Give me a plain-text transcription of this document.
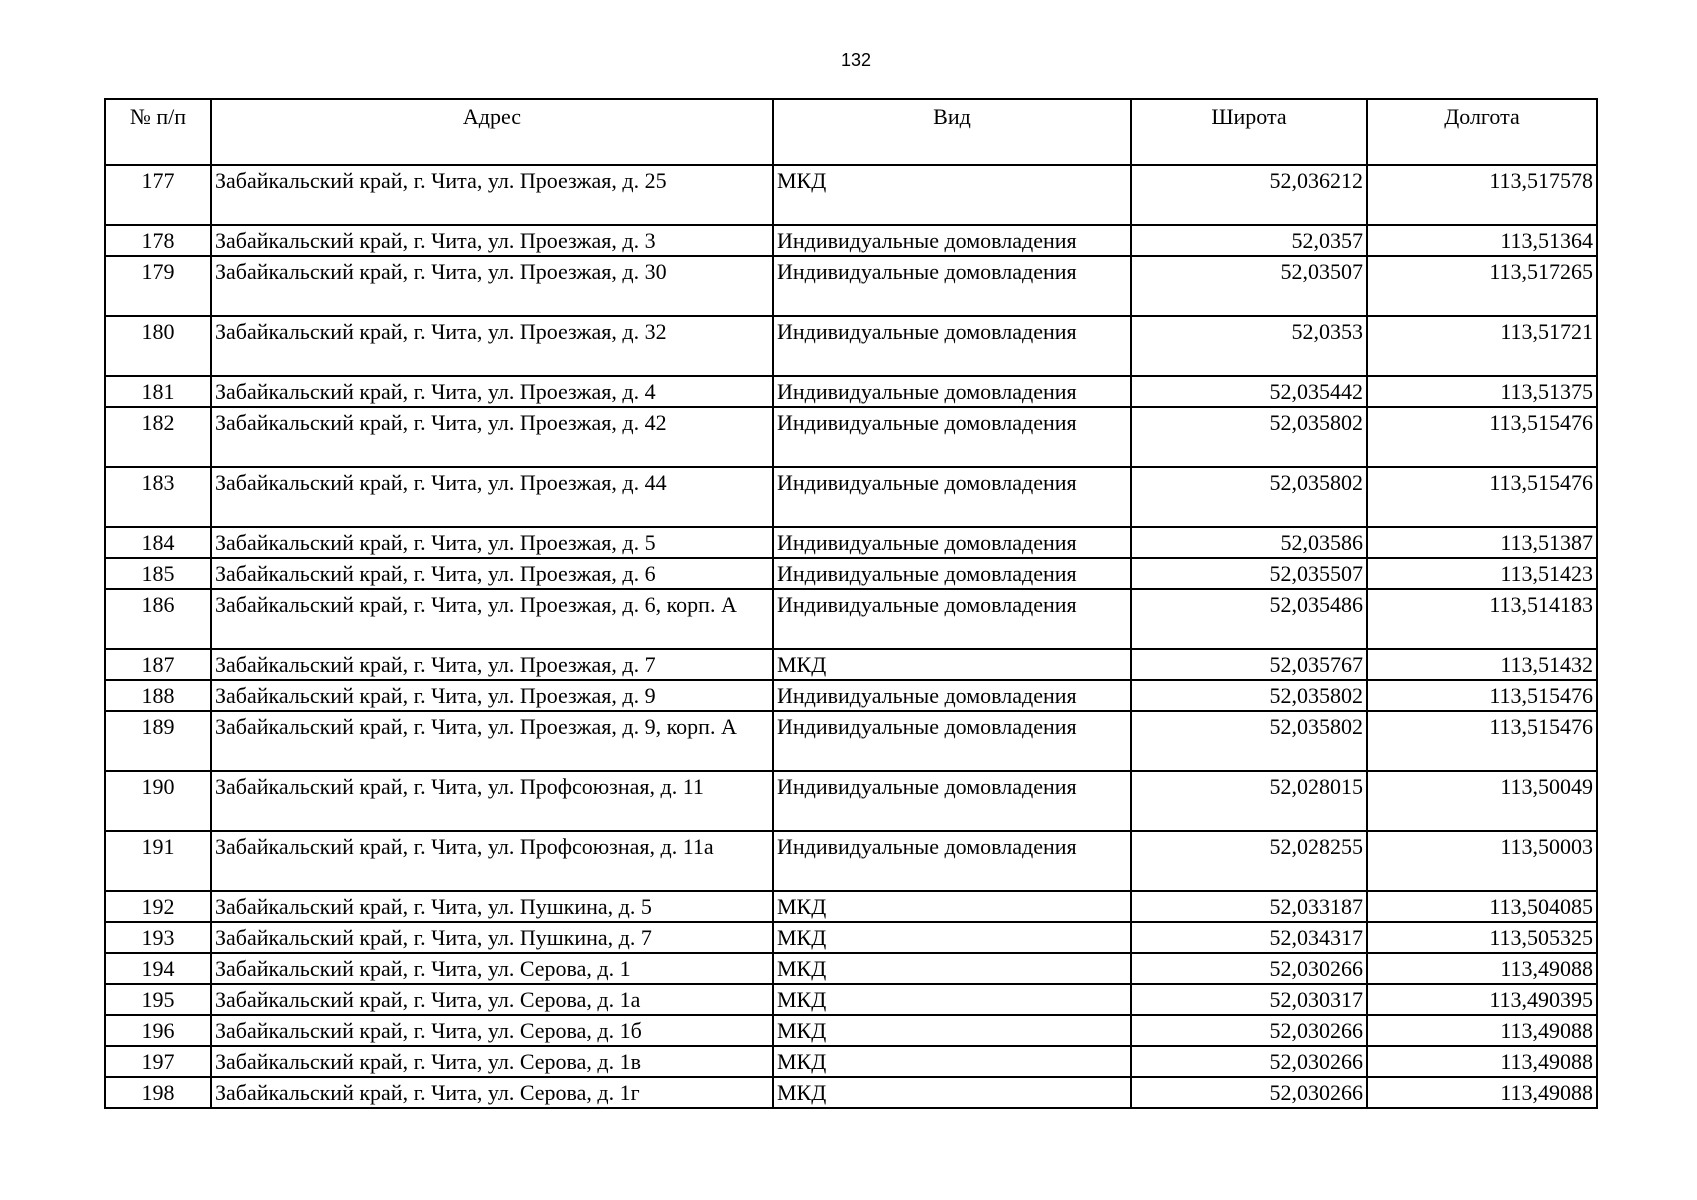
132
№ п/п	Адрес	Вид	Широта	Долгота
177	Забайкальский край, г. Чита, ул. Проезжая, д. 25	МКД	52,036212	113,517578
178	Забайкальский край, г. Чита, ул. Проезжая, д. 3	Индивидуальные домовладения	52,0357	113,51364
179	Забайкальский край, г. Чита, ул. Проезжая, д. 30	Индивидуальные домовладения	52,03507	113,517265
180	Забайкальский край, г. Чита, ул. Проезжая, д. 32	Индивидуальные домовладения	52,0353	113,51721
181	Забайкальский край, г. Чита, ул. Проезжая, д. 4	Индивидуальные домовладения	52,035442	113,51375
182	Забайкальский край, г. Чита, ул. Проезжая, д. 42	Индивидуальные домовладения	52,035802	113,515476
183	Забайкальский край, г. Чита, ул. Проезжая, д. 44	Индивидуальные домовладения	52,035802	113,515476
184	Забайкальский край, г. Чита, ул. Проезжая, д. 5	Индивидуальные домовладения	52,03586	113,51387
185	Забайкальский край, г. Чита, ул. Проезжая, д. 6	Индивидуальные домовладения	52,035507	113,51423
186	Забайкальский край, г. Чита, ул. Проезжая, д. 6, корп. А	Индивидуальные домовладения	52,035486	113,514183
187	Забайкальский край, г. Чита, ул. Проезжая, д. 7	МКД	52,035767	113,51432
188	Забайкальский край, г. Чита, ул. Проезжая, д. 9	Индивидуальные домовладения	52,035802	113,515476
189	Забайкальский край, г. Чита, ул. Проезжая, д. 9, корп. А	Индивидуальные домовладения	52,035802	113,515476
190	Забайкальский край, г. Чита, ул. Профсоюзная, д. 11	Индивидуальные домовладения	52,028015	113,50049
191	Забайкальский край, г. Чита, ул. Профсоюзная, д. 11а	Индивидуальные домовладения	52,028255	113,50003
192	Забайкальский край, г. Чита, ул. Пушкина, д. 5	МКД	52,033187	113,504085
193	Забайкальский край, г. Чита, ул. Пушкина, д. 7	МКД	52,034317	113,505325
194	Забайкальский край, г. Чита, ул. Серова, д. 1	МКД	52,030266	113,49088
195	Забайкальский край, г. Чита, ул. Серова, д. 1а	МКД	52,030317	113,490395
196	Забайкальский край, г. Чита, ул. Серова, д. 1б	МКД	52,030266	113,49088
197	Забайкальский край, г. Чита, ул. Серова, д. 1в	МКД	52,030266	113,49088
198	Забайкальский край, г. Чита, ул. Серова, д. 1г	МКД	52,030266	113,49088
